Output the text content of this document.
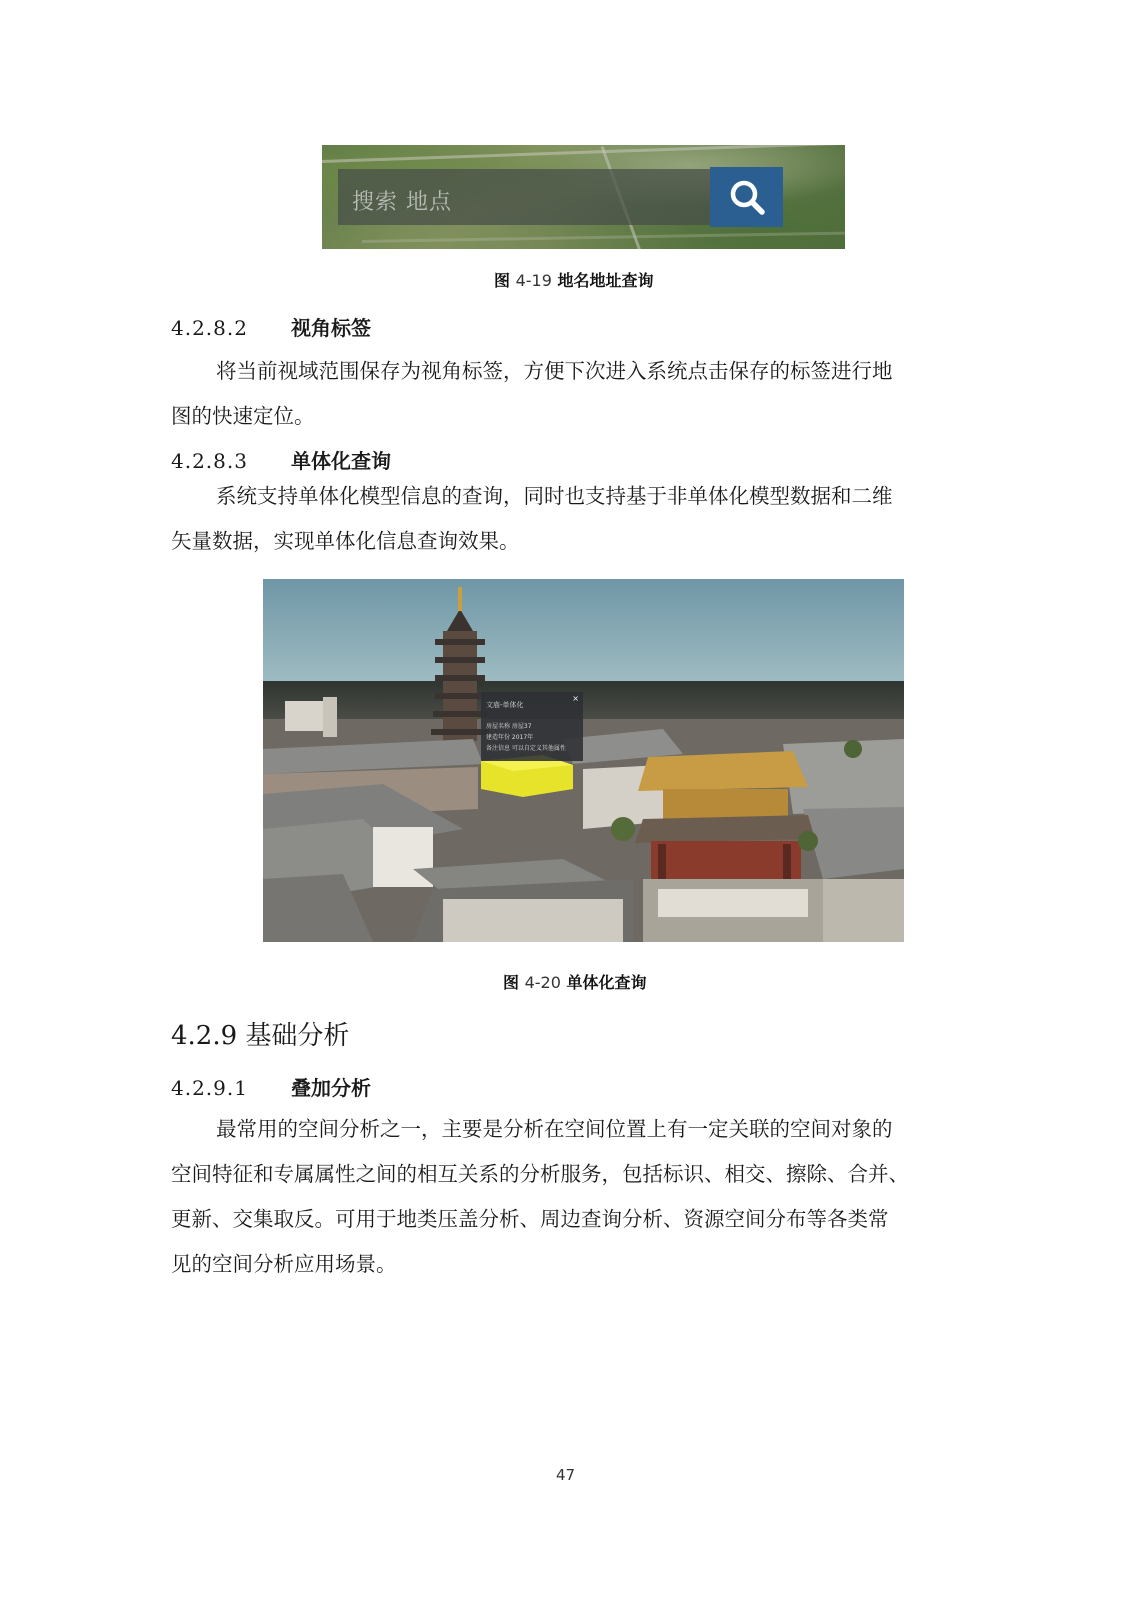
搜索 地点
图 4-19 地名地址查询
4.2.8.2 视角标签
将当前视域范围保存为视角标签，方便下次进入系统点击保存的标签进行地
图的快速定位。
4.2.8.3 单体化查询
系统支持单体化模型信息的查询，同时也支持基于非单体化模型数据和二维
矢量数据，实现单体化信息查询效果。
文庙-单体化
×
房屋名称 房屋37
建造年份 2017年
备注信息 可以自定义其他属性
图 4-20 单体化查询
4.2.9 基础分析
4.2.9.1 叠加分析
最常用的空间分析之一，主要是分析在空间位置上有一定关联的空间对象的
空间特征和专属属性之间的相互关系的分析服务，包括标识、相交、擦除、合并、
更新、交集取反。可用于地类压盖分析、周边查询分析、资源空间分布等各类常
见的空间分析应用场景。
47
